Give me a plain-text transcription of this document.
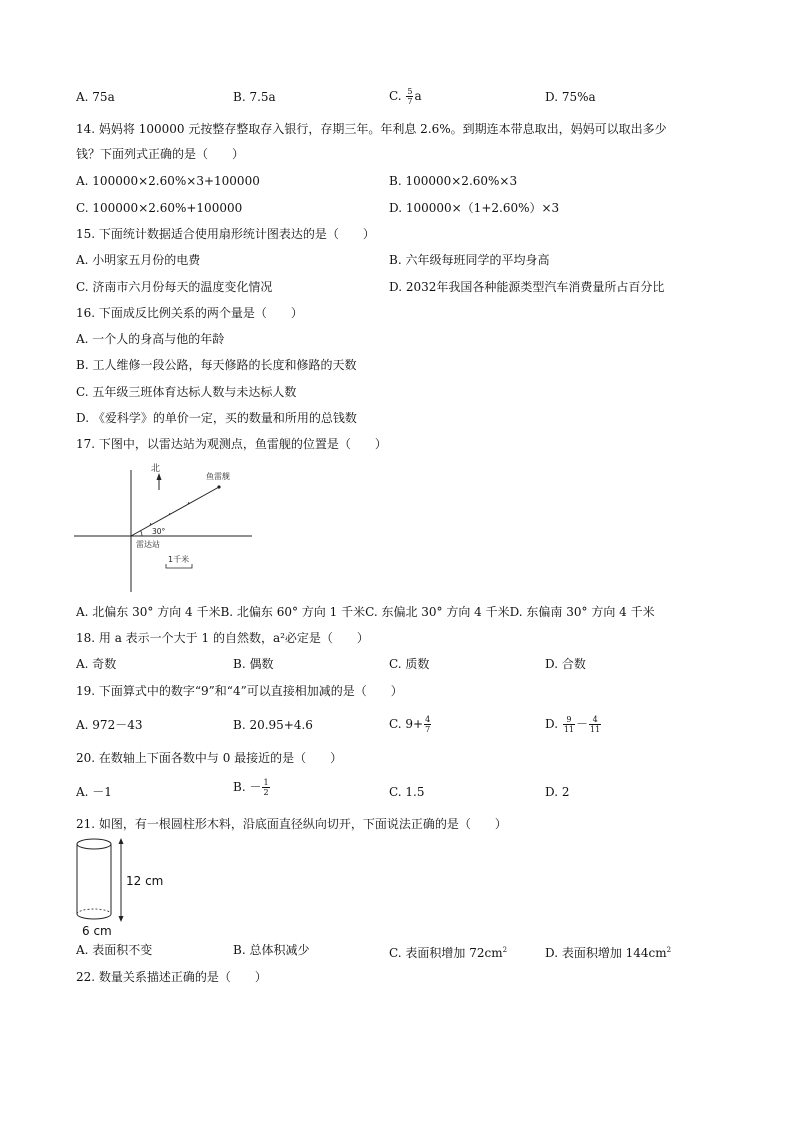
A. 75a	B. 7.5a	C. $\frac{5}{7}$ a	D. 75%a
14. 妈妈将 100000 元按整存整取存入银行，存期三年。年利息 2.6%。到期连本带息取出，妈妈可以取出多少
钱？下面列式正确的是（　　）
A. 100000×2.60%×3+100000	B. 100000×2.60%×3
C. 100000×2.60%+100000	D. 100000×（1+2.60%）×3
15. 下面统计数据适合使用扇形统计图表达的是（　　）
A. 小明家五月份的电费	B. 六年级每班同学的平均身高
C. 济南市六月份每天的温度变化情况	D. 2032年我国各种能源类型汽车消费量所占百分比
16. 下面成反比例关系的两个量是（　　）
A. 一个人的身高与他的年龄
B. 工人维修一段公路，每天修路的长度和修路的天数
C. 五年级三班体育达标人数与未达标人数
D. 《爱科学》的单价一定，买的数量和所用的总钱数
17. 下图中，以雷达站为观测点，鱼雷舰的位置是（　　）
北
鱼雷舰
30°
雷达站
1千米
A. 北偏东 30° 方向 4 千米B. 北偏东 60° 方向 1 千米C. 东偏北 30° 方向 4 千米D. 东偏南 30° 方向 4 千米
18. 用 a 表示一个大于 1 的自然数，a²必定是（　　）
A. 奇数	B. 偶数	C. 质数	D. 合数
19. 下面算式中的数字“9”和“4”可以直接相加减的是（　　）
A. 972－43	B. 20.95+4.6	C. $9+ \frac{4}{7}$	D. $\frac{9}{11} - \frac{4}{11}$
20. 在数轴上下面各数中与 0 最接近的是（　　）
A. －1	B. － $\frac{1}{2}$	C. 1.5	D. 2
21. 如图，有一根圆柱形木料，沿底面直径纵向切开，下面说法正确的是（　　）
12 cm
6 cm
A. 表面积不变	B. 总体积减少	C. 表面积增加 $72cm^2$	D. 表面积增加 $144cm^2$
22. 数量关系描述正确的是（　　）
